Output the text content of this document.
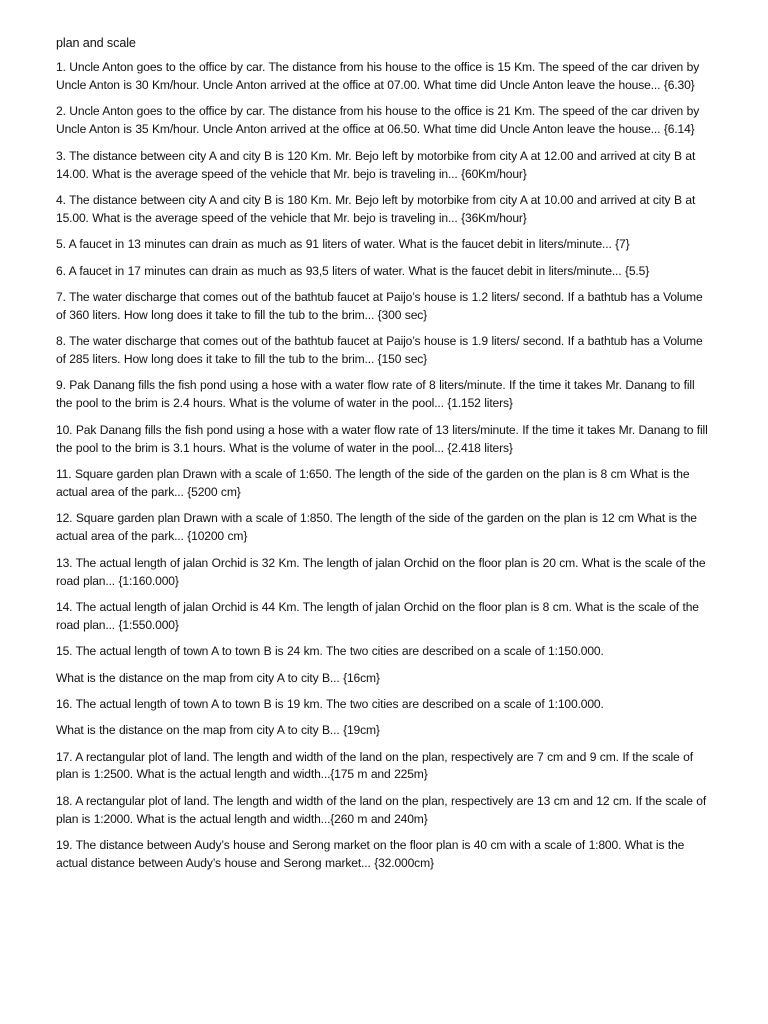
plan and scale

1. Uncle Anton goes to the office by car. The distance from his house to the office is 15 Km. The speed of the car driven by Uncle Anton is 30 Km/hour. Uncle Anton arrived at the office at 07.00. What time did Uncle Anton leave the house... {6.30}

2. Uncle Anton goes to the office by car. The distance from his house to the office is 21 Km. The speed of the car driven by Uncle Anton is 35 Km/hour. Uncle Anton arrived at the office at 06.50. What time did Uncle Anton leave the house... {6.14}

3. The distance between city A and city B is 120 Km. Mr. Bejo left by motorbike from city A at 12.00 and arrived at city B at 14.00. What is the average speed of the vehicle that Mr. bejo is traveling in... {60Km/hour}

4. The distance between city A and city B is 180 Km. Mr. Bejo left by motorbike from city A at 10.00 and arrived at city B at 15.00. What is the average speed of the vehicle that Mr. bejo is traveling in... {36Km/hour}

5. A faucet in 13 minutes can drain as much as 91 liters of water. What is the faucet debit in liters/minute... {7}

6. A faucet in 17 minutes can drain as much as 93,5 liters of water. What is the faucet debit in liters/minute... {5.5}

7. The water discharge that comes out of the bathtub faucet at Paijo’s house is 1.2 liters/ second. If a bathtub has a Volume of 360 liters. How long does it take to fill the tub to the brim... {300 sec}

8. The water discharge that comes out of the bathtub faucet at Paijo’s house is 1.9 liters/ second. If a bathtub has a Volume of 285 liters. How long does it take to fill the tub to the brim... {150 sec}

9. Pak Danang fills the fish pond using a hose with a water flow rate of 8 liters/minute. If the time it takes Mr. Danang to fill the pool to the brim is 2.4 hours. What is the volume of water in the pool... {1.152 liters}

10. Pak Danang fills the fish pond using a hose with a water flow rate of 13 liters/minute. If the time it takes Mr. Danang to fill the pool to the brim is 3.1 hours. What is the volume of water in the pool... {2.418 liters}

11. Square garden plan Drawn with a scale of 1:650. The length of the side of the garden on the plan is 8 cm What is the actual area of the park... {5200 cm}

12. Square garden plan Drawn with a scale of 1:850. The length of the side of the garden on the plan is 12 cm What is the actual area of the park... {10200 cm}

13. The actual length of jalan Orchid is 32 Km. The length of jalan Orchid on the floor plan is 20 cm. What is the scale of the road plan... {1:160.000}

14. The actual length of jalan Orchid is 44 Km. The length of jalan Orchid on the floor plan is 8 cm. What is the scale of the road plan... {1:550.000}

15. The actual length of town A to town B is 24 km. The two cities are described on a scale of 1:150.000.

What is the distance on the map from city A to city B... {16cm}

16. The actual length of town A to town B is 19 km. The two cities are described on a scale of 1:100.000.

What is the distance on the map from city A to city B... {19cm}

17. A rectangular plot of land. The length and width of the land on the plan, respectively are 7 cm and 9 cm. If the scale of plan is 1:2500. What is the actual length and width...{175 m and 225m}

18. A rectangular plot of land. The length and width of the land on the plan, respectively are 13 cm and 12 cm. If the scale of plan is 1:2000. What is the actual length and width...{260 m and 240m}

19. The distance between Audy’s house and Serong market on the floor plan is 40 cm with a scale of 1:800. What is the actual distance between Audy’s house and Serong market... {32.000cm}
